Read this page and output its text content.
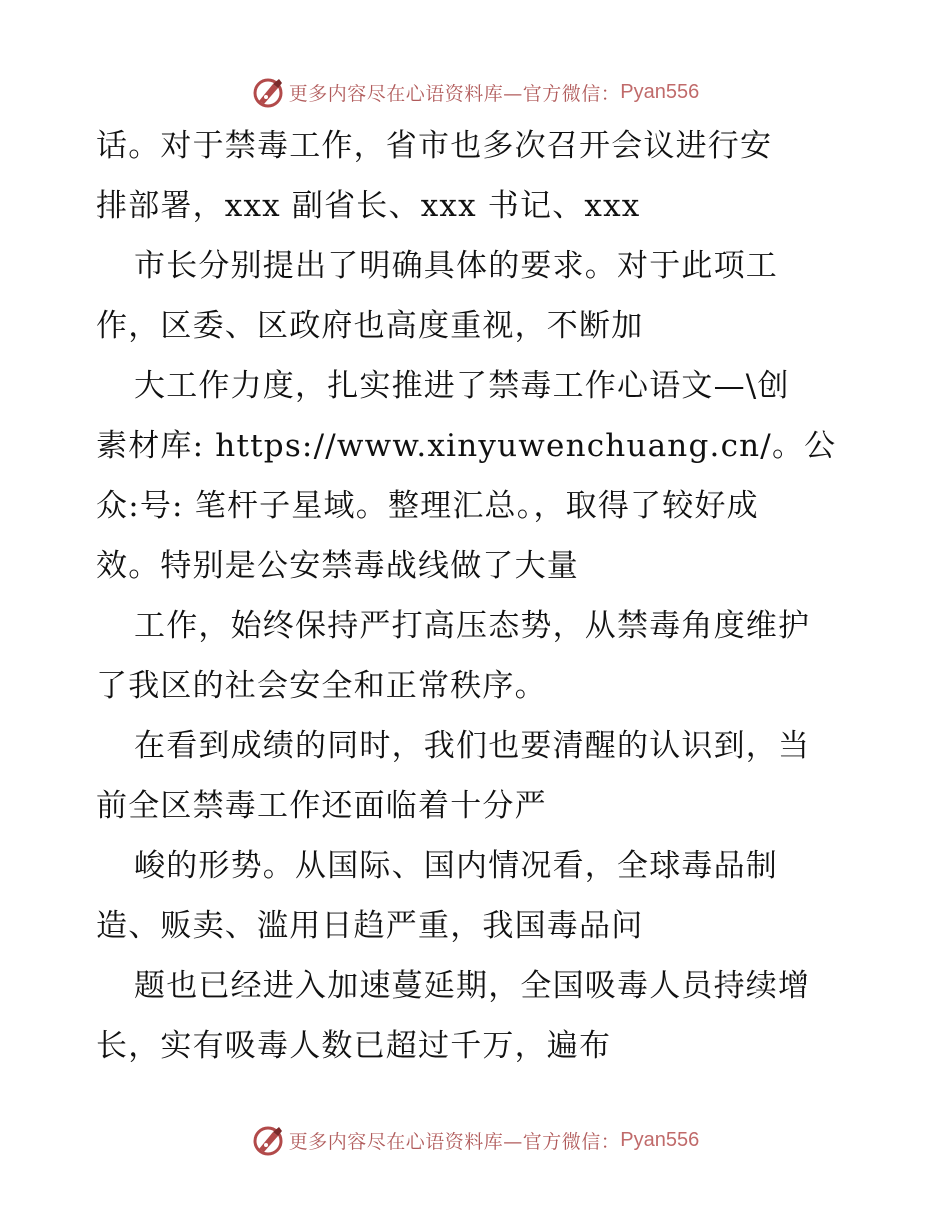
更多内容尽在心语资料库—官方微信： Pyan556
话。对于禁毒工作，省市也多次召开会议进行安
排部署，xxx 副省长、xxx 书记、xxx
市长分别提出了明确具体的要求。对于此项工
作，区委、区政府也高度重视，不断加
大工作力度，扎实推进了禁毒工作心语文—\创
素材库: https://www.xinyuwenchuang.cn/。公
众:号: 笔杆子星域。整理汇总。，取得了较好成
效。特别是公安禁毒战线做了大量
工作，始终保持严打高压态势，从禁毒角度维护
了我区的社会安全和正常秩序。
在看到成绩的同时，我们也要清醒的认识到，当
前全区禁毒工作还面临着十分严
峻的形势。从国际、国内情况看，全球毒品制
造、贩卖、滥用日趋严重，我国毒品问
题也已经进入加速蔓延期，全国吸毒人员持续增
长，实有吸毒人数已超过千万，遍布
更多内容尽在心语资料库—官方微信： Pyan556
